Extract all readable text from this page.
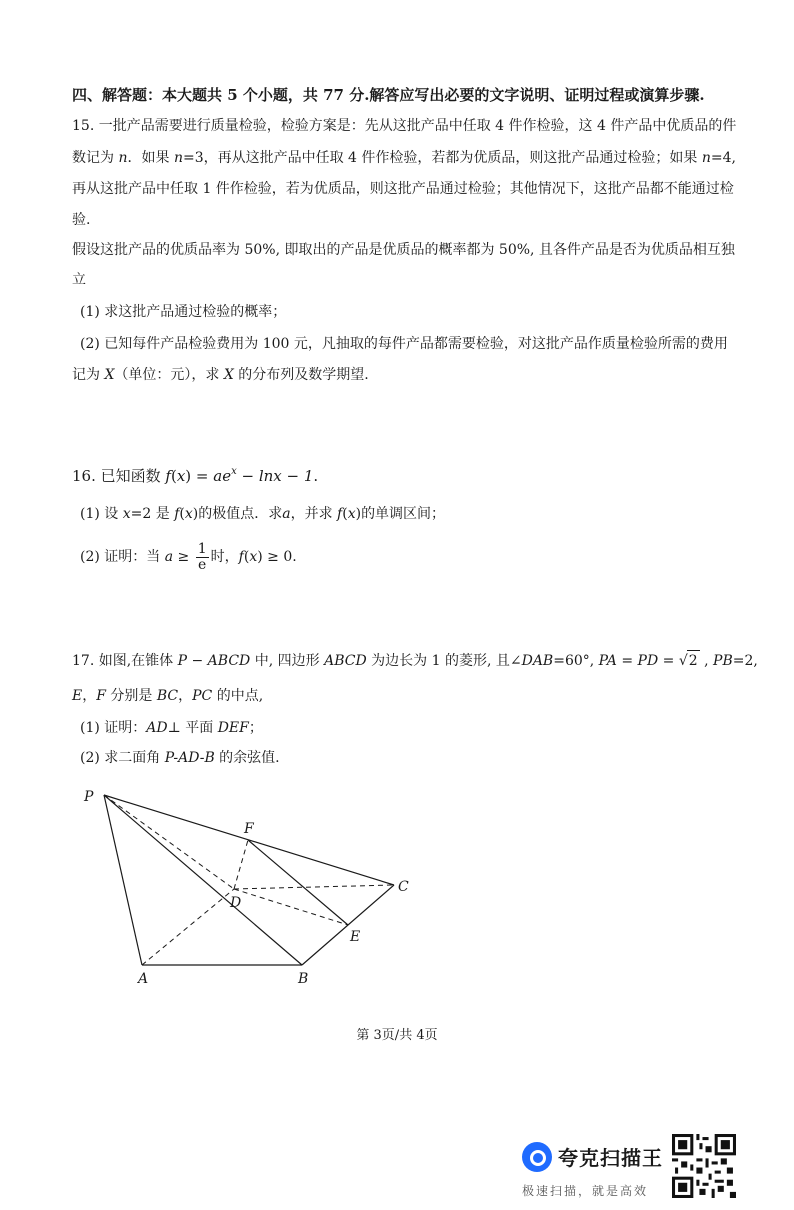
四、解答题：本大题共 5 个小题，共 77 分.解答应写出必要的文字说明、证明过程或演算步骤.
15. 一批产品需要进行质量检验，检验方案是：先从这批产品中任取 4 件作检验，这 4 件产品中优质品的件
数记为 n．如果 n=3，再从这批产品中任取 4 件作检验，若都为优质品，则这批产品通过检验；如果 n=4,
再从这批产品中任取 1 件作检验，若为优质品，则这批产品通过检验；其他情况下，这批产品都不能通过检
验.
假设这批产品的优质品率为 50%, 即取出的产品是优质品的概率都为 50%, 且各件产品是否为优质品相互独
立
(1) 求这批产品通过检验的概率；
(2) 已知每件产品检验费用为 100 元，凡抽取的每件产品都需要检验，对这批产品作质量检验所需的费用
记为 X（单位：元），求 X 的分布列及数学期望.
16. 已知函数 $f(x) = ae^x - \ln x - 1$.
(1) 设 x=2 是 f(x)的极值点．求a，并求 f(x)的单调区间；
(2) 证明：当 $a \ge \frac{1}{e}$ 时，f(x) ≥ 0.
17. 如图,在锥体 P − ABCD 中, 四边形 ABCD 为边长为 1 的菱形, 且∠DAB=60°, PA = PD = √2 , PB=2,
E，F 分别是 BC，PC 的中点,
(1) 证明：AD⊥ 平面 DEF；
(2) 求二面角 P-AD-B 的余弦值.
P
F
C
D
E
A	B
第 3页/共 4页
夸克扫描王
极速扫描，就是高效
